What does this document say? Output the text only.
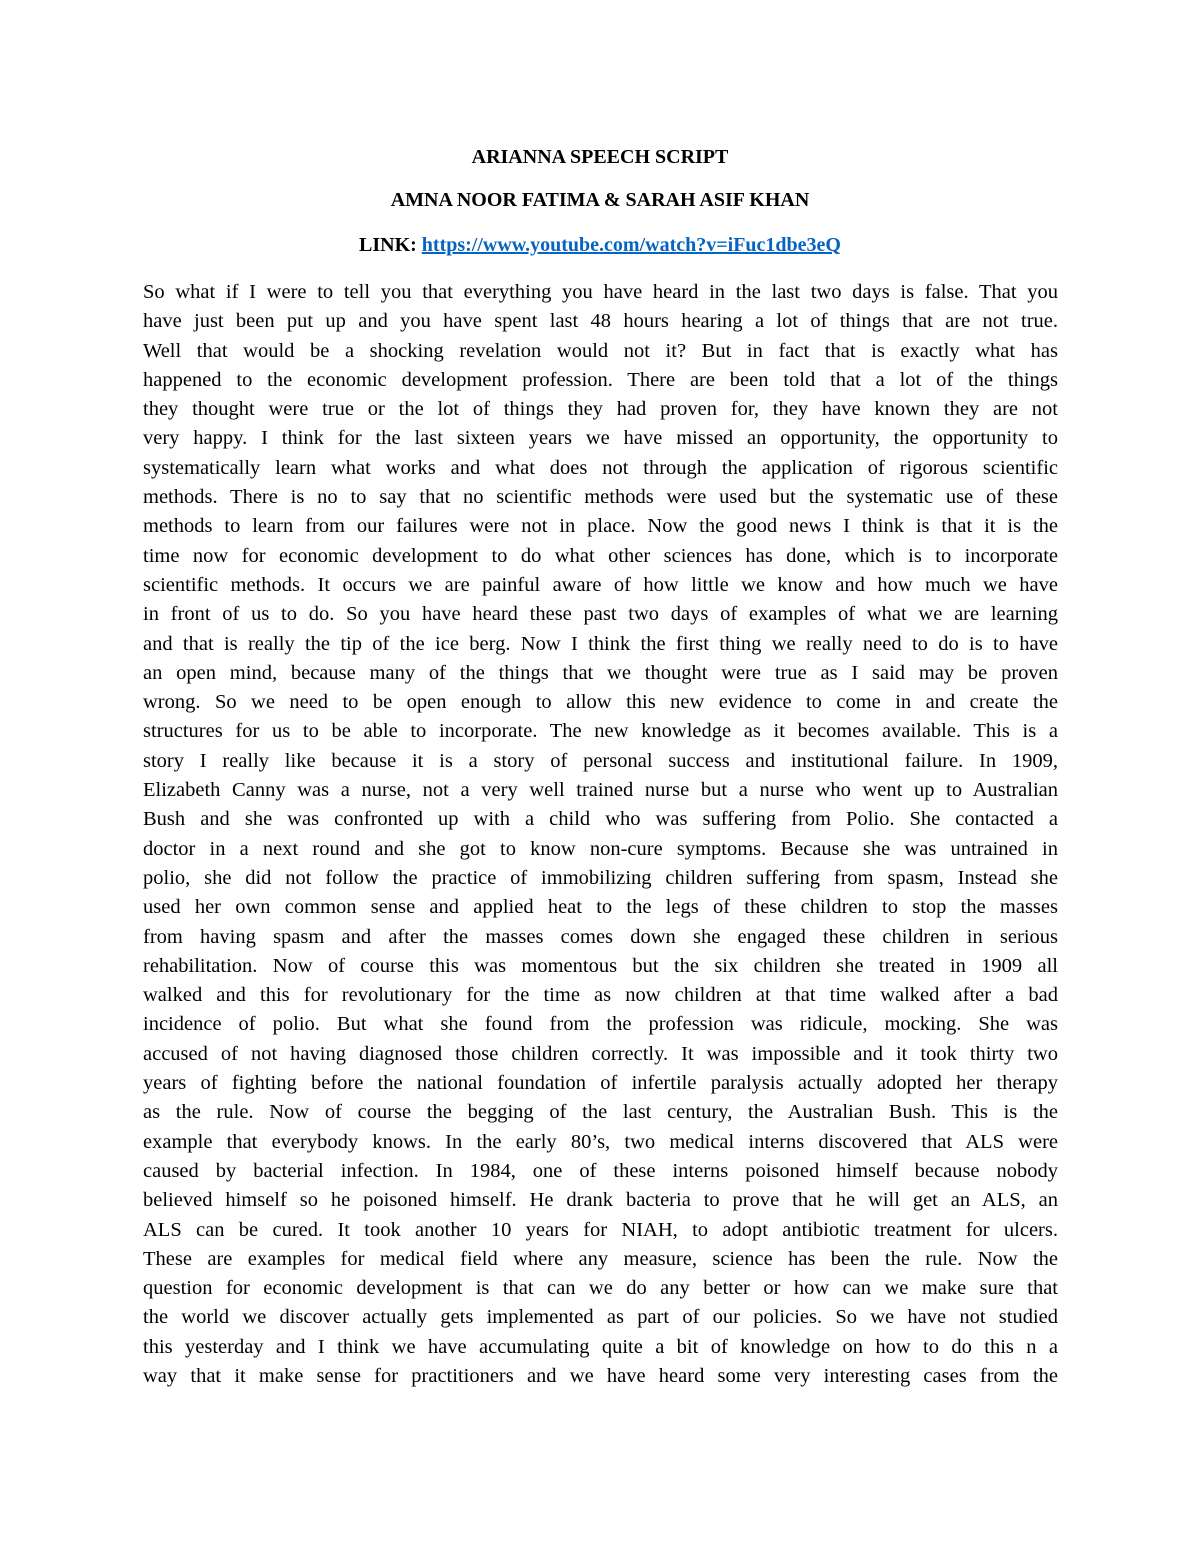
ARIANNA SPEECH SCRIPT
AMNA NOOR FATIMA & SARAH ASIF KHAN
LINK: https://www.youtube.com/watch?v=iFuc1dbe3eQ
So what if I were to tell you that everything you have heard in the last two days is false. That you
have just been put up and you have spent last 48 hours hearing a lot of things that are not true.
Well that would be a shocking revelation would not it? But in fact that is exactly what has
happened to the economic development profession. There are been told that a lot of the things
they thought were true or the lot of things they had proven for, they have known they are not
very happy. I think for the last sixteen years we have missed an opportunity, the opportunity to
systematically learn what works and what does not through the application of rigorous scientific
methods. There is no to say that no scientific methods were used but the systematic use of these
methods to learn from our failures were not in place. Now the good news I think is that it is the
time now for economic development to do what other sciences has done, which is to incorporate
scientific methods. It occurs we are painful aware of how little we know and how much we have
in front of us to do. So you have heard these past two days of examples of what we are learning
and that is really the tip of the ice berg. Now I think the first thing we really need to do is to have
an open mind, because many of the things that we thought were true as I said may be proven
wrong. So we need to be open enough to allow this new evidence to come in and create the
structures for us to be able to incorporate. The new knowledge as it becomes available. This is a
story I really like because it is a story of personal success and institutional failure. In 1909,
Elizabeth Canny was a nurse, not a very well trained nurse but a nurse who went up to Australian
Bush and she was confronted up with a child who was suffering from Polio. She contacted a
doctor in a next round and she got to know non-cure symptoms. Because she was untrained in
polio, she did not follow the practice of immobilizing children suffering from spasm, Instead she
used her own common sense and applied heat to the legs of these children to stop the masses
from having spasm and after the masses comes down she engaged these children in serious
rehabilitation. Now of course this was momentous but the six children she treated in 1909 all
walked and this for revolutionary for the time as now children at that time walked after a bad
incidence of polio. But what she found from the profession was ridicule, mocking. She was
accused of not having diagnosed those children correctly. It was impossible and it took thirty two
years of fighting before the national foundation of infertile paralysis actually adopted her therapy
as the rule. Now of course the begging of the last century, the Australian Bush. This is the
example that everybody knows. In the early 80’s, two medical interns discovered that ALS were
caused by bacterial infection. In 1984, one of these interns poisoned himself because nobody
believed himself so he poisoned himself. He drank bacteria to prove that he will get an ALS, an
ALS can be cured. It took another 10 years for NIAH, to adopt antibiotic treatment for ulcers.
These are examples for medical field where any measure, science has been the rule. Now the
question for economic development is that can we do any better or how can we make sure that
the world we discover actually gets implemented as part of our policies. So we have not studied
this yesterday and I think we have accumulating quite a bit of knowledge on how to do this n a
way that it make sense for practitioners and we have heard some very interesting cases from the
